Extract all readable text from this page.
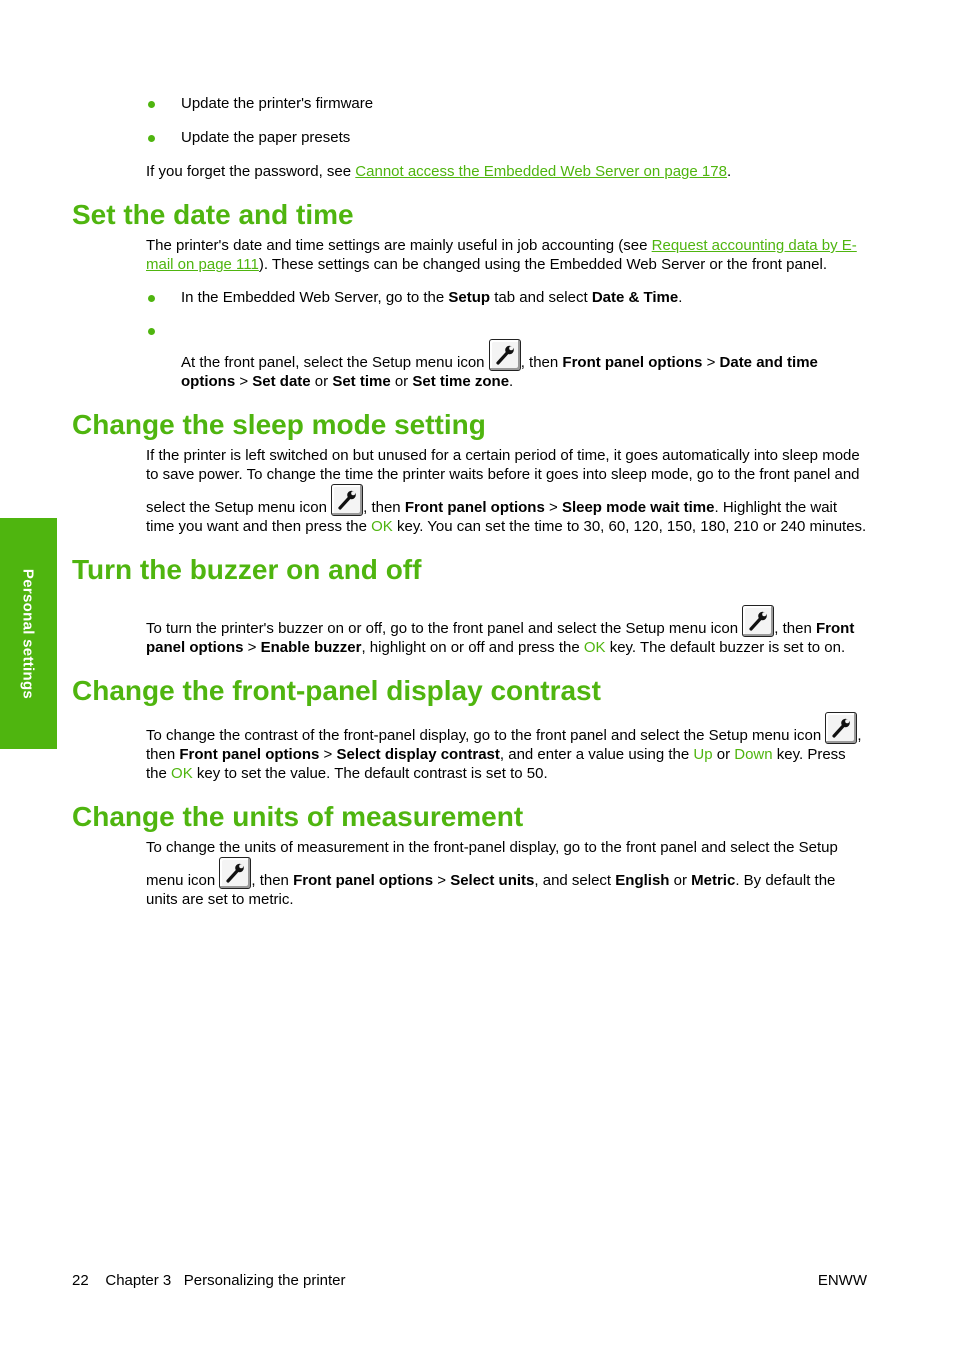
Personal settings
Update the printer's firmware
Update the paper presets

If you forget the password, see Cannot access the Embedded Web Server on page 178.

Set the date and time

The printer's date and time settings are mainly useful in job accounting (see Request accounting data by E-mail on page 111). These settings can be changed using the Embedded Web Server or the front panel.

In the Embedded Web Server, go to the Setup tab and select Date & Time.
At the front panel, select the Setup menu icon
, then Front panel options > Date and time options > Set date or Set time or Set time zone.
Change the sleep mode setting

If the printer is left switched on but unused for a certain period of time, it goes automatically into sleep mode to save power. To change the time the printer waits before it goes into sleep mode, go to the front panel and select the Setup menu icon
, then Front panel options > Sleep mode wait time. Highlight the wait time you want and then press the OK key. You can set the time to 30, 60, 120, 150, 180, 210 or 240 minutes.

Turn the buzzer on and off

To turn the printer's buzzer on or off, go to the front panel and select the Setup menu icon
, then Front panel options > Enable buzzer, highlight on or off and press the OK key. The default buzzer is set to on.

Change the front-panel display contrast

To change the contrast of the front-panel display, go to the front panel and select the Setup menu icon
, then Front panel options > Select display contrast, and enter a value using the Up or Down key. Press the OK key to set the value. The default contrast is set to 50.

Change the units of measurement

To change the units of measurement in the front-panel display, go to the front panel and select the Setup menu icon
, then Front panel options > Select units, and select English or Metric. By default the units are set to metric.

22 Chapter 3 Personalizing the printer	ENWW
